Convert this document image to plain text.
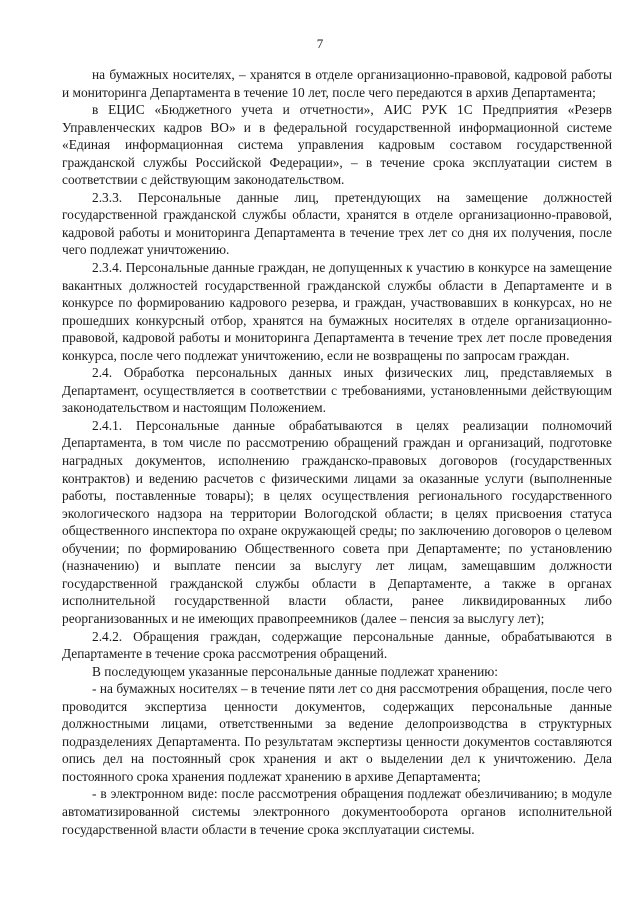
7

на бумажных носителях, – хранятся в отделе организационно-правовой, кадровой работы и мониторинга Департамента в течение 10 лет, после чего передаются в архив Департамента;

в ЕЦИС «Бюджетного учета и отчетности», АИС РУК 1С Предприятия «Резерв Управленческих кадров ВО» и в федеральной государственной информационной системе «Единая информационная система управления кадровым составом государственной гражданской службы Российской Федерации», – в течение срока эксплуатации систем в соответствии с действующим законодательством.

2.3.3. Персональные данные лиц, претендующих на замещение должностей государственной гражданской службы области, хранятся в отделе организационно-правовой, кадровой работы и мониторинга Департамента в течение трех лет со дня их получения, после чего подлежат уничтожению.

2.3.4. Персональные данные граждан, не допущенных к участию в конкурсе на замещение вакантных должностей государственной гражданской службы области в Департаменте и в конкурсе по формированию кадрового резерва, и граждан, участвовавших в конкурсах, но не прошедших конкурсный отбор, хранятся на бумажных носителях в отделе организационно-правовой, кадровой работы и мониторинга Департамента в течение трех лет после проведения конкурса, после чего подлежат уничтожению, если не возвращены по запросам граждан.

2.4. Обработка персональных данных иных физических лиц, представляемых в Департамент, осуществляется в соответствии с требованиями, установленными действующим законодательством и настоящим Положением.

2.4.1. Персональные данные обрабатываются в целях реализации полномочий Департамента, в том числе по рассмотрению обращений граждан и организаций, подготовке наградных документов, исполнению гражданско-правовых договоров (государственных контрактов) и ведению расчетов с физическими лицами за оказанные услуги (выполненные работы, поставленные товары); в целях осуществления регионального государственного экологического надзора на территории Вологодской области; в целях присвоения статуса общественного инспектора по охране окружающей среды; по заключению договоров о целевом обучении; по формированию Общественного совета при Департаменте; по установлению (назначению) и выплате пенсии за выслугу лет лицам, замещавшим должности государственной гражданской службы области в Департаменте, а также в органах исполнительной государственной власти области, ранее ликвидированных либо реорганизованных и не имеющих правопреемников (далее – пенсия за выслугу лет);

2.4.2. Обращения граждан, содержащие персональные данные, обрабатываются в Департаменте в течение срока рассмотрения обращений.

В последующем указанные персональные данные подлежат хранению:

- на бумажных носителях – в течение пяти лет со дня рассмотрения обращения, после чего проводится экспертиза ценности документов, содержащих персональные данные должностными лицами, ответственными за ведение делопроизводства в структурных подразделениях Департамента. По результатам экспертизы ценности документов составляются опись дел на постоянный срок хранения и акт о выделении дел к уничтожению. Дела постоянного срока хранения подлежат хранению в архиве Департамента;

- в электронном виде: после рассмотрения обращения подлежат обезличиванию; в модуле автоматизированной системы электронного документооборота органов исполнительной государственной власти области в течение срока эксплуатации системы.
